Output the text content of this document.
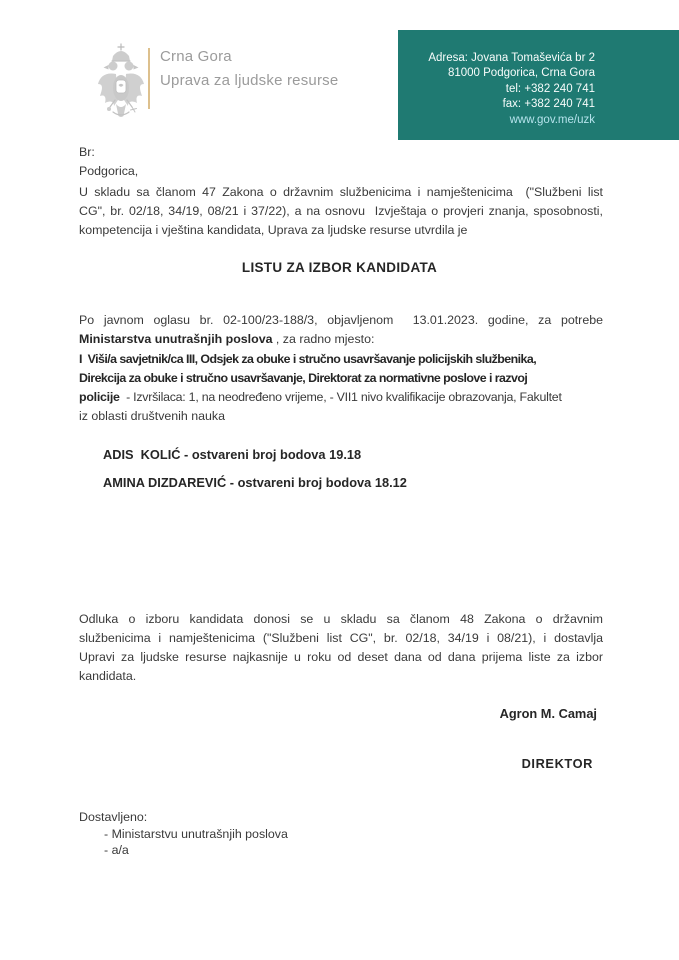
Crna Gora
Uprava za ljudske resurse
Adresa: Jovana Tomaševića br 2
81000 Podgorica, Crna Gora
tel: +382 240 741
fax: +382 240 741
www.gov.me/uzk
Br:
Podgorica,
U skladu sa članom 47 Zakona o državnim službenicima i namještenicima  ("Službeni list
CG", br. 02/18, 34/19, 08/21 i 37/22), a na osnovu  Izvještaja o provjeri znanja, sposobnosti,
kompetencija i vještina kandidata, Uprava za ljudske resurse utvrdila je
LISTU ZA IZBOR KANDIDATA
Po javnom oglasu br. 02-100/23-188/3, objavljenom  13.01.2023. godine, za potrebe
Ministarstva unutrašnjih poslova , za radno mjesto:
I  Viši/a savjetnik/ca III, Odsjek za obuke i stručno usavršavanje policijskih službenika,
Direkcija za obuke i stručno usavršavanje, Direktorat za normativne poslove i razvoj
policije  - Izvršilaca: 1, na neodređeno vrijeme, - VII1 nivo kvalifikacije obrazovanja, Fakultet
iz oblasti društvenih nauka
ADIS  KOLIĆ - ostvareni broj bodova 19.18
AMINA DIZDAREVIĆ - ostvareni broj bodova 18.12
Odluka o izboru kandidata donosi se u skladu sa članom 48 Zakona o državnim
službenicima i namještenicima ("Službeni list CG", br. 02/18, 34/19 i 08/21), i dostavlja
Upravi za ljudske resurse najkasnije u roku od deset dana od dana prijema liste za izbor
kandidata.
Agron M. Camaj
DIREKTOR
Dostavljeno:
- Ministarstvu unutrašnjih poslova
- a/a
